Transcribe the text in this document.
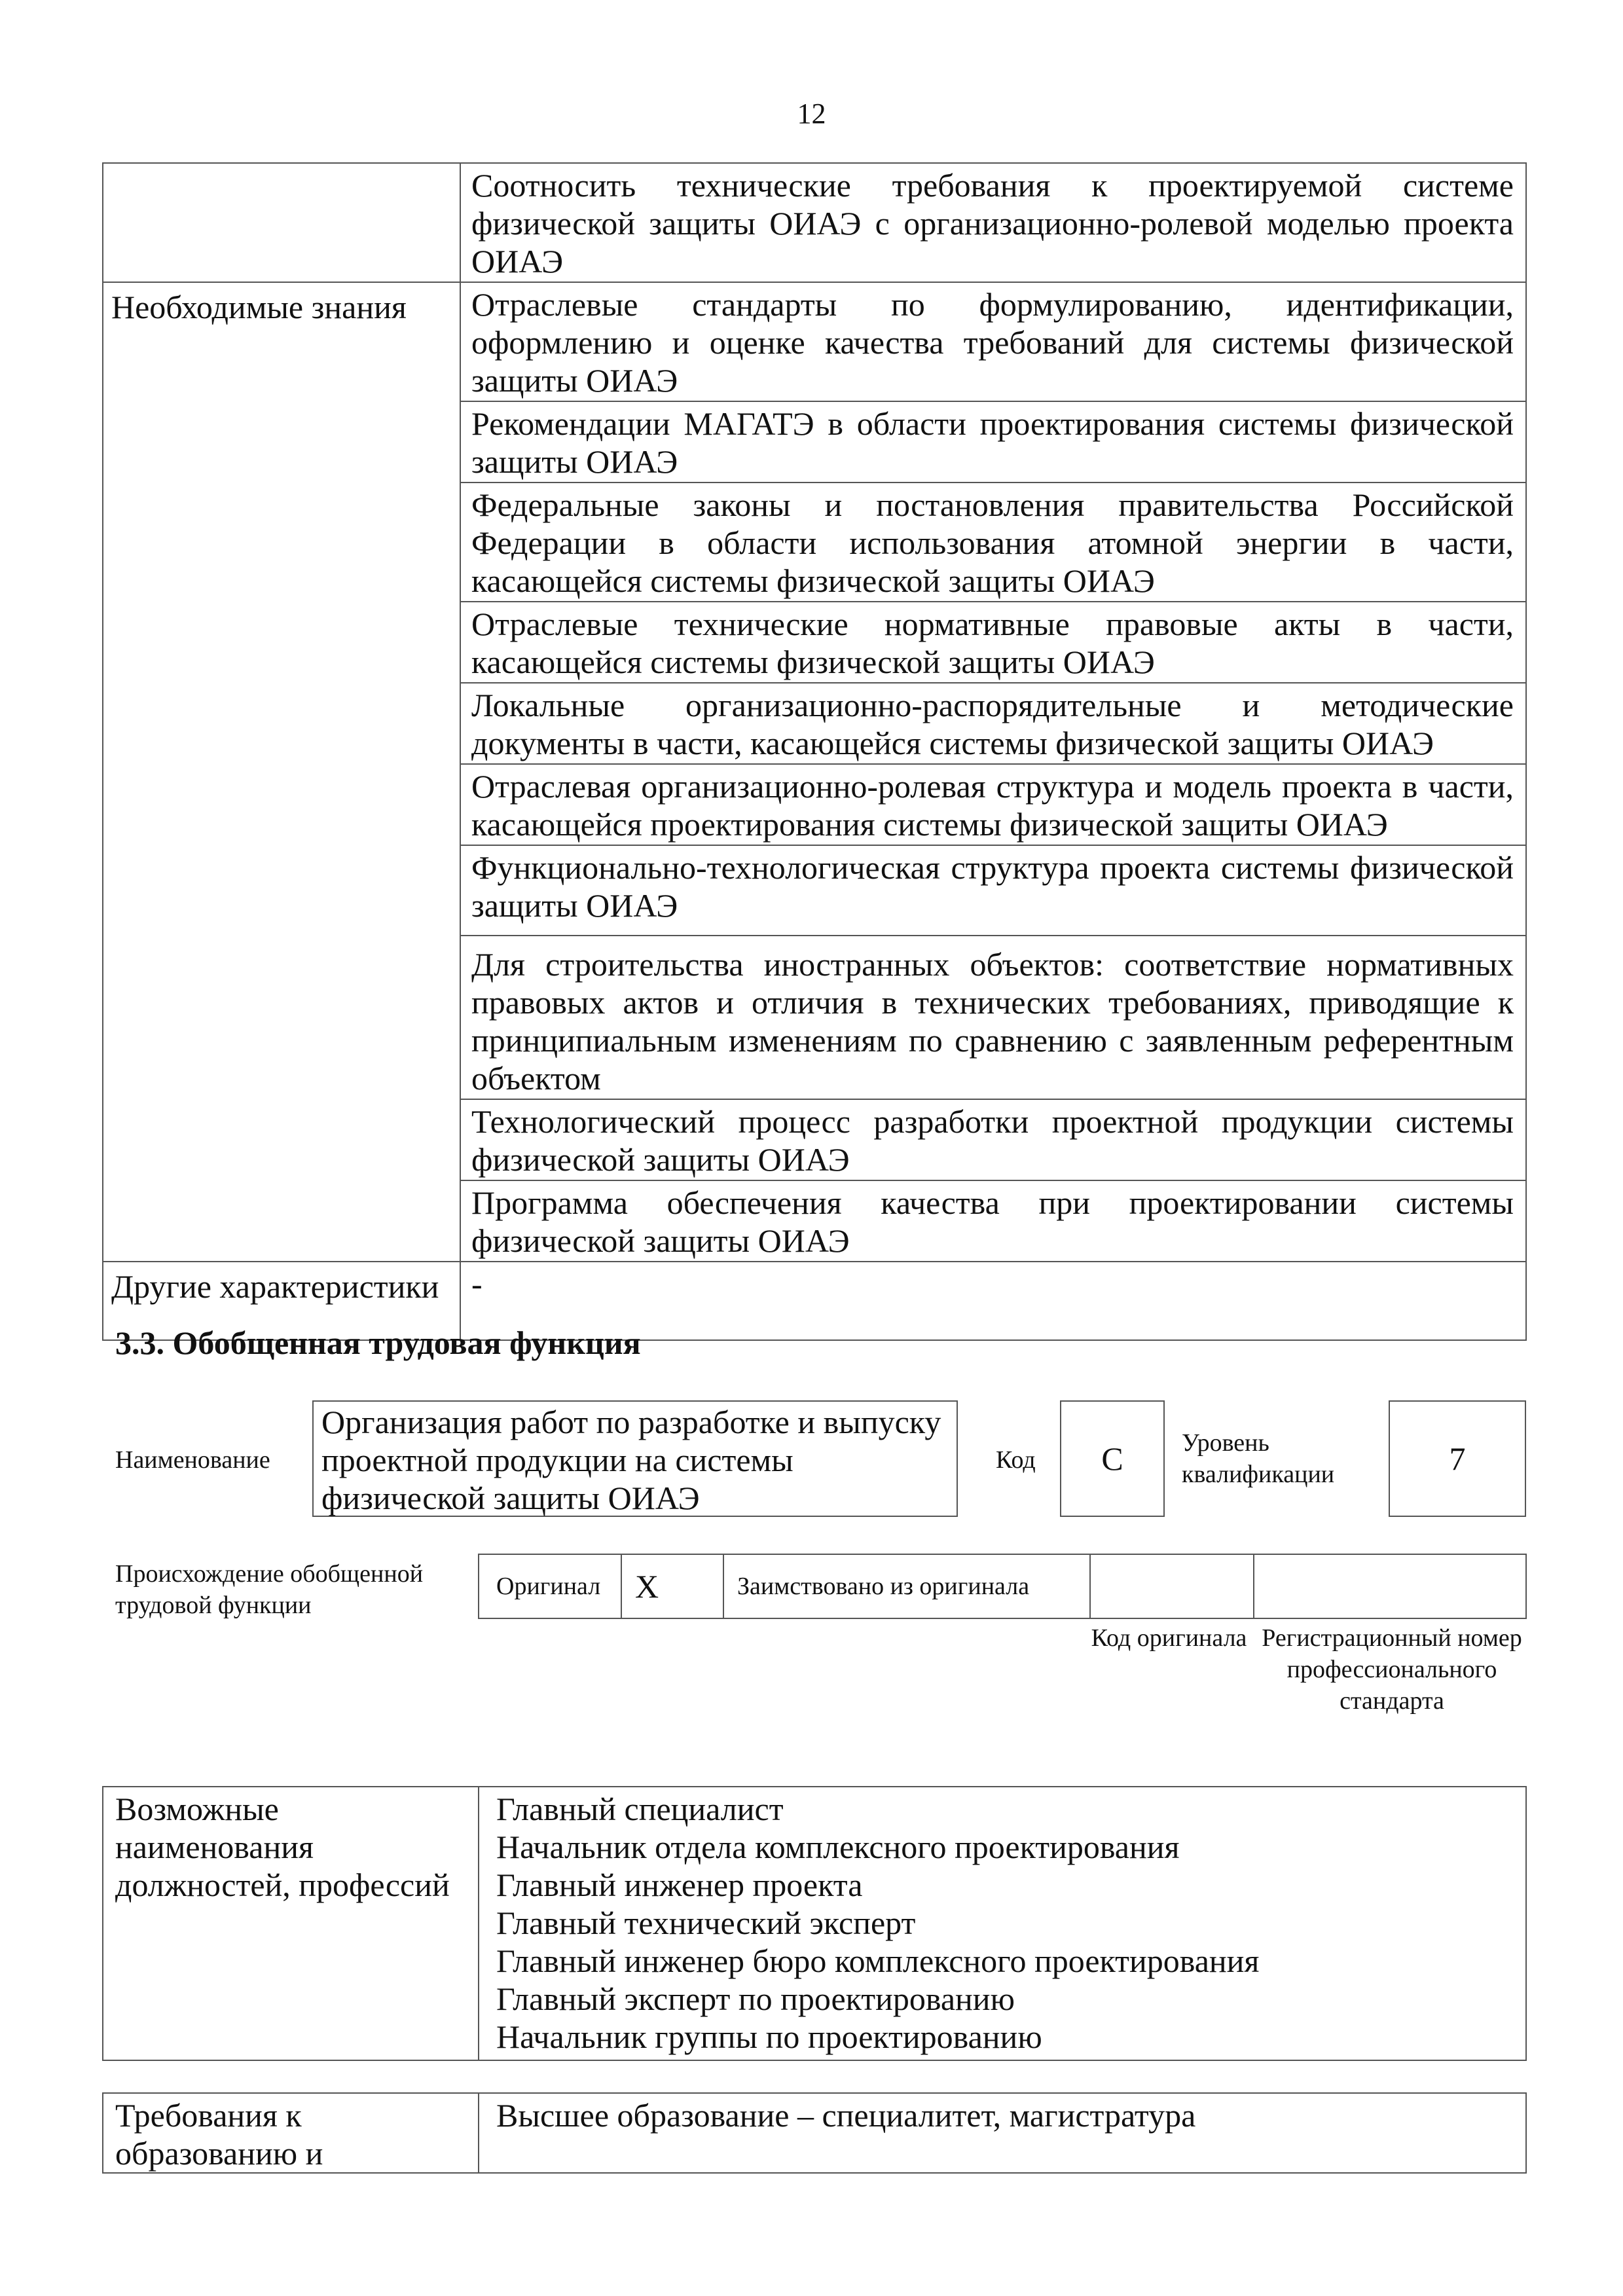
12
	Соотносить технические требования к проектируемой системе физической защиты ОИАЭ с организационно-ролевой моделью проекта ОИАЭ
Необходимые знания	Отраслевые стандарты по формулированию, идентификации, оформлению и оценке качества требований для системы физической защиты ОИАЭ
	Рекомендации МАГАТЭ в области проектирования системы физической защиты ОИАЭ
	Федеральные законы и постановления правительства Российской Федерации в области использования атомной энергии в части, касающейся системы физической защиты ОИАЭ
	Отраслевые технические нормативные правовые акты в части, касающейся системы физической защиты ОИАЭ
	Локальные организационно-распорядительные и методические документы в части, касающейся системы физической защиты ОИАЭ
	Отраслевая организационно-ролевая структура и модель проекта в части, касающейся проектирования системы физической защиты ОИАЭ
	Функционально-технологическая структура проекта системы физической защиты ОИАЭ
	Для строительства иностранных объектов: соответствие нормативных правовых актов и отличия в технических требованиях, приводящие к принципиальным изменениям по сравнению с заявленным референтным объектом
	Технологический процесс разработки проектной продукции системы физической защиты ОИАЭ
	Программа обеспечения качества при проектировании системы физической защиты ОИАЭ
Другие характеристики	-
3.3. Обобщенная трудовая функция
Наименование
Организация работ по разработке и выпуску проектной продукции на системы физической защиты ОИАЭ
Код	C	Уровень квалификации	7
Происхождение обобщенной трудовой функции
Оригинал	X	Заимствовано из оригинала		
Код оригинала Регистрационный номер профессионального стандарта
Возможные наименования должностей, профессий	
Главный специалист
Начальник отдела комплексного проектирования
Главный инженер проекта
Главный технический эксперт
Главный инженер бюро комплексного проектирования
Главный эксперт по проектированию
Начальник группы по проектированию
Требования к образованию и	Высшее образование – специалитет, магистратура
